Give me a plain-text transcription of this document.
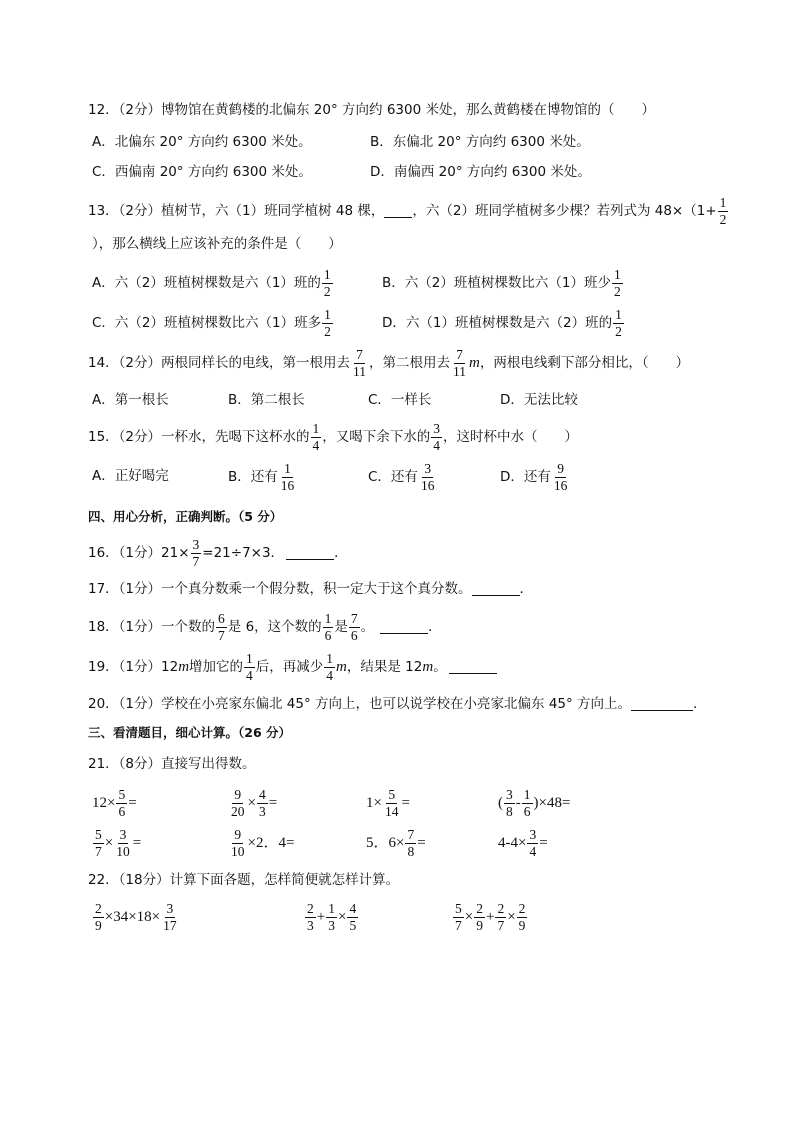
12．（2分）博物馆在黄鹤楼的北偏东 20° 方向约 6300 米处，那么黄鹤楼在博物馆的（　　）
A．北偏东 20° 方向约 6300 米处。	B．东偏北 20° 方向约 6300 米处。
C．西偏南 20° 方向约 6300 米处。	D．南偏西 20° 方向约 6300 米处。
13．（2分）植树节，六（1）班同学植树 48 棵， ，六（2）班同学植树多少棵？若列式为 $48\times(1+ \frac{1}{2}$
），那么横线上应该补充的条件是（　　）
A．六（2）班植树棵数是六（1）班的 $\frac{1}{2}$	B．六（2）班植树棵数比六（1）班少 $\frac{1}{2}$
C．六（2）班植树棵数比六（1）班多 $\frac{1}{2}$	D．六（1）班植树棵数是六（2）班的 $\frac{1}{2}$
14．（2分）两根同样长的电线，第一根用去 $\frac{7}{11}$ ，第二根用去 $\frac{7}{11}$ m ，两根电线剩下部分相比，（　　）
A．第一根长	B．第二根长	C．一样长	D．无法比较
15．（2分）一杯水，先喝下这杯水的 $\frac{1}{4}$ ，又喝下余下水的 $\frac{3}{4}$ ，这时杯中水（　　）
A．正好喝完	B．还有 $\frac{1}{16}$	C．还有 $\frac{3}{16}$	D．还有 $\frac{9}{16}$
四、用心分析，正确判断。（5 分）
16．（1分）$21\times \frac{3}{7} =21\div 7\times 3$．	．
17．（1分）一个真分数乘一个假分数，积一定大于这个真分数。	．
18．（1分）一个数的 $\frac{6}{7}$ 是 6，这个数的 $\frac{1}{6}$ 是 $\frac{7}{6}$ 。	．
19．（1分）12 m 增加它的 $\frac{1}{4}$ 后，再减少 $\frac{1}{4}$ m ，结果是 12 m 。
20．（1分）学校在小亮家东偏北 45° 方向上，也可以说学校在小亮家北偏东 45° 方向上。	．
三、看清题目，细心计算。（26 分）
21．（8分）直接写出得数。
$12\times \frac{5}{6}$ =	$\frac{9}{20} \times \frac{4}{3}$ =	$1\times \frac{5}{14}$ =	( $\frac{3}{8} - \frac{1}{6} )\times 48=$
$\frac{5}{7} \times \frac{3}{10}$ =	$\frac{9}{10} \times 2$．4=	5．$6\times \frac{7}{8}$ =	$4-4\times \frac{3}{4}$ =
22．（18分）计算下面各题，怎样简便就怎样计算。
$\frac{2}{9} \times 34\times 18\times \frac{3}{17}$	$\frac{2}{3} + \frac{1}{3} \times \frac{4}{5}$	$\frac{5}{7} \times \frac{2}{9} + \frac{2}{7} \times \frac{2}{9}$
